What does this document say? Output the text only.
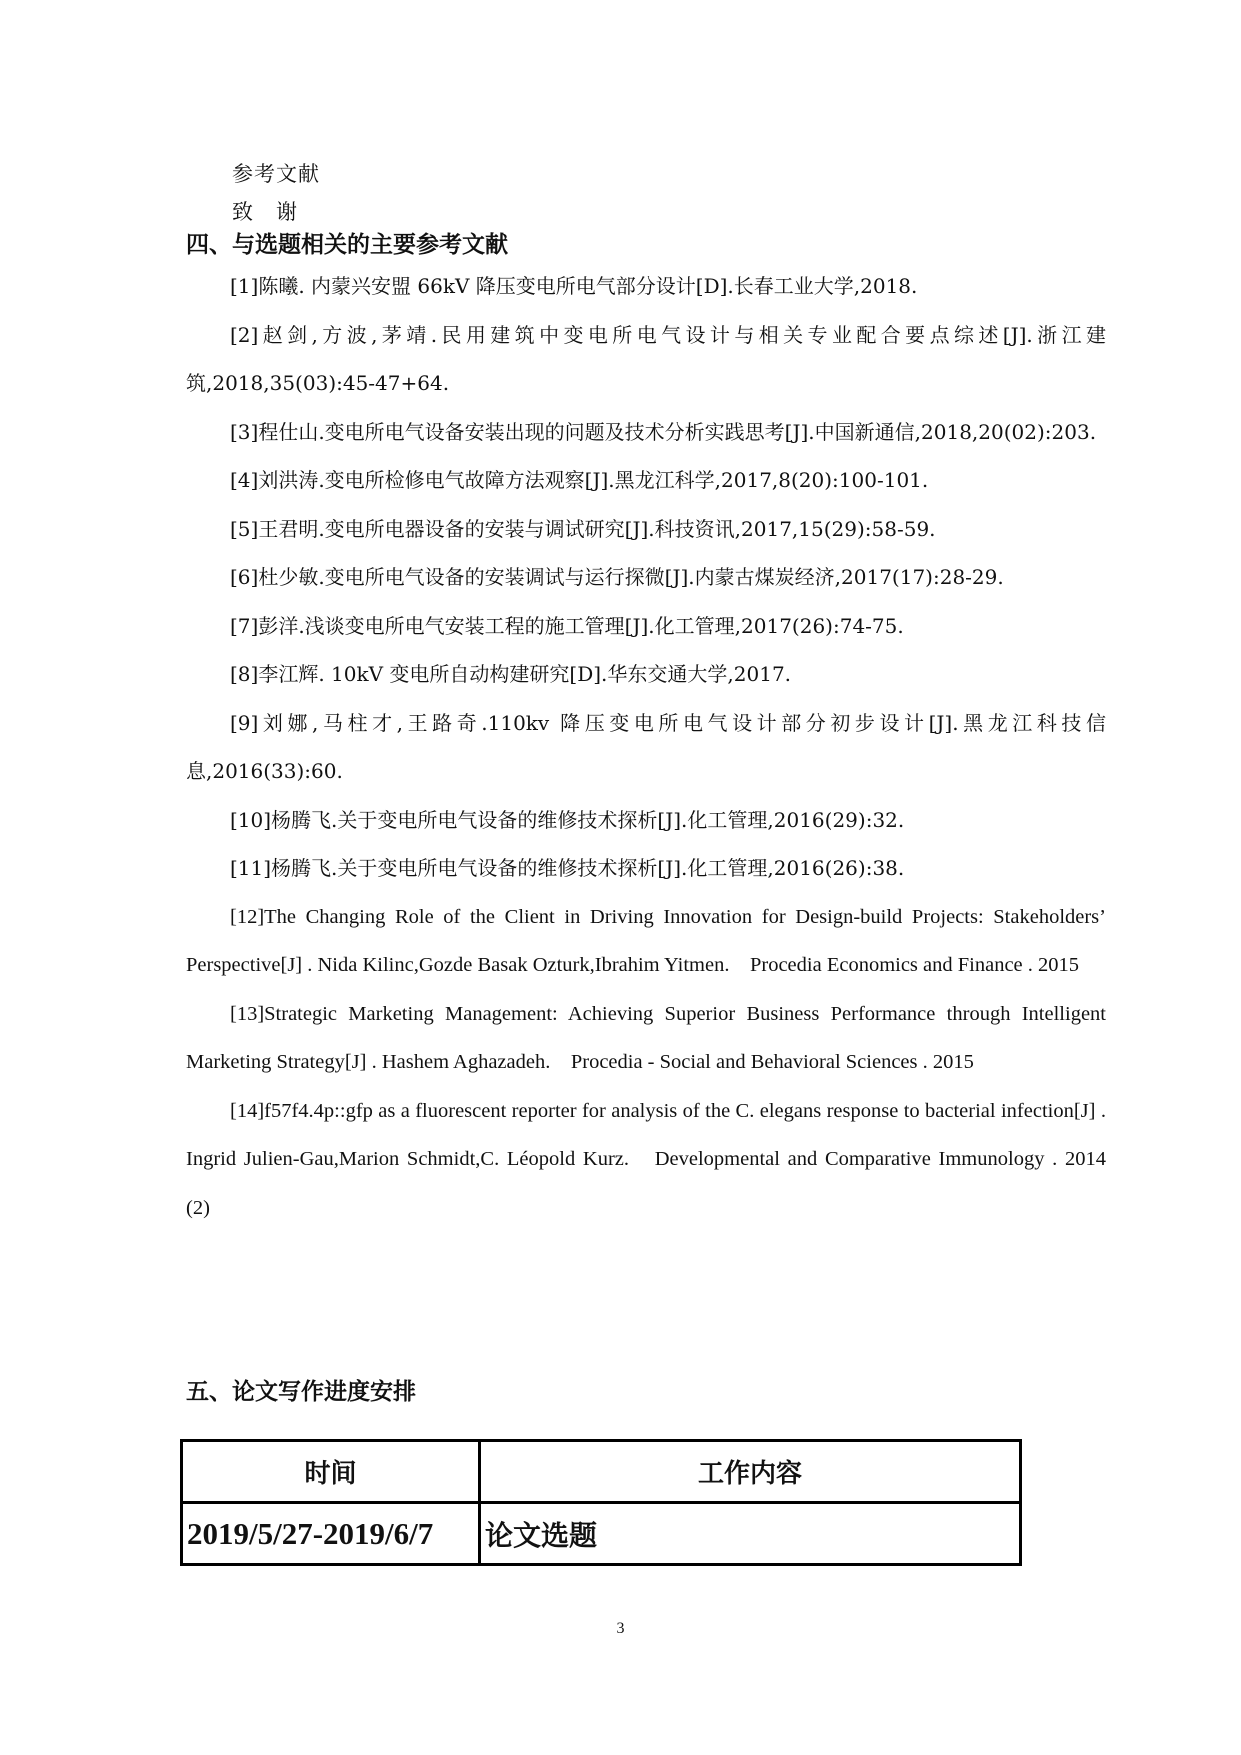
参考文献
致　谢
四、与选题相关的主要参考文献

[1]陈曦. 内蒙兴安盟 66kV 降压变电所电气部分设计[D].长春工业大学,2018.

[2]赵剑,方波,茅靖.民用建筑中变电所电气设计与相关专业配合要点综述[J].浙江建筑,2018,35(03):45-47+64.

[3]程仕山.变电所电气设备安装出现的问题及技术分析实践思考[J].中国新通信,2018,20(02):203.

[4]刘洪涛.变电所检修电气故障方法观察[J].黑龙江科学,2017,8(20):100-101.

[5]王君明.变电所电器设备的安装与调试研究[J].科技资讯,2017,15(29):58-59.

[6]杜少敏.变电所电气设备的安装调试与运行探微[J].内蒙古煤炭经济,2017(17):28-29.

[7]彭洋.浅谈变电所电气安装工程的施工管理[J].化工管理,2017(26):74-75.

[8]李江辉. 10kV 变电所自动构建研究[D].华东交通大学,2017.

[9]刘娜,马柱才,王路奇.110kv 降压变电所电气设计部分初步设计[J].黑龙江科技信息,2016(33):60.

[10]杨腾飞.关于变电所电气设备的维修技术探析[J].化工管理,2016(29):32.

[11]杨腾飞.关于变电所电气设备的维修技术探析[J].化工管理,2016(26):38.

[12]The Changing Role of the Client in Driving Innovation for Design-build Projects: Stakeholders’ Perspective[J] . Nida Kilinc,Gozde Basak Ozturk,Ibrahim Yitmen.　Procedia Economics and Finance . 2015

[13]Strategic Marketing Management: Achieving Superior Business Performance through Intelligent Marketing Strategy[J] . Hashem Aghazadeh.　Procedia - Social and Behavioral Sciences . 2015

[14]f57f4.4p::gfp as a fluorescent reporter for analysis of the C. elegans response to bacterial infection[J] . Ingrid Julien-Gau,Marion Schmidt,C. Léopold Kurz.　Developmental and Comparative Immunology . 2014 (2)

五、论文写作进度安排
时间	工作内容
2019/5/27-2019/6/7	论文选题
3
